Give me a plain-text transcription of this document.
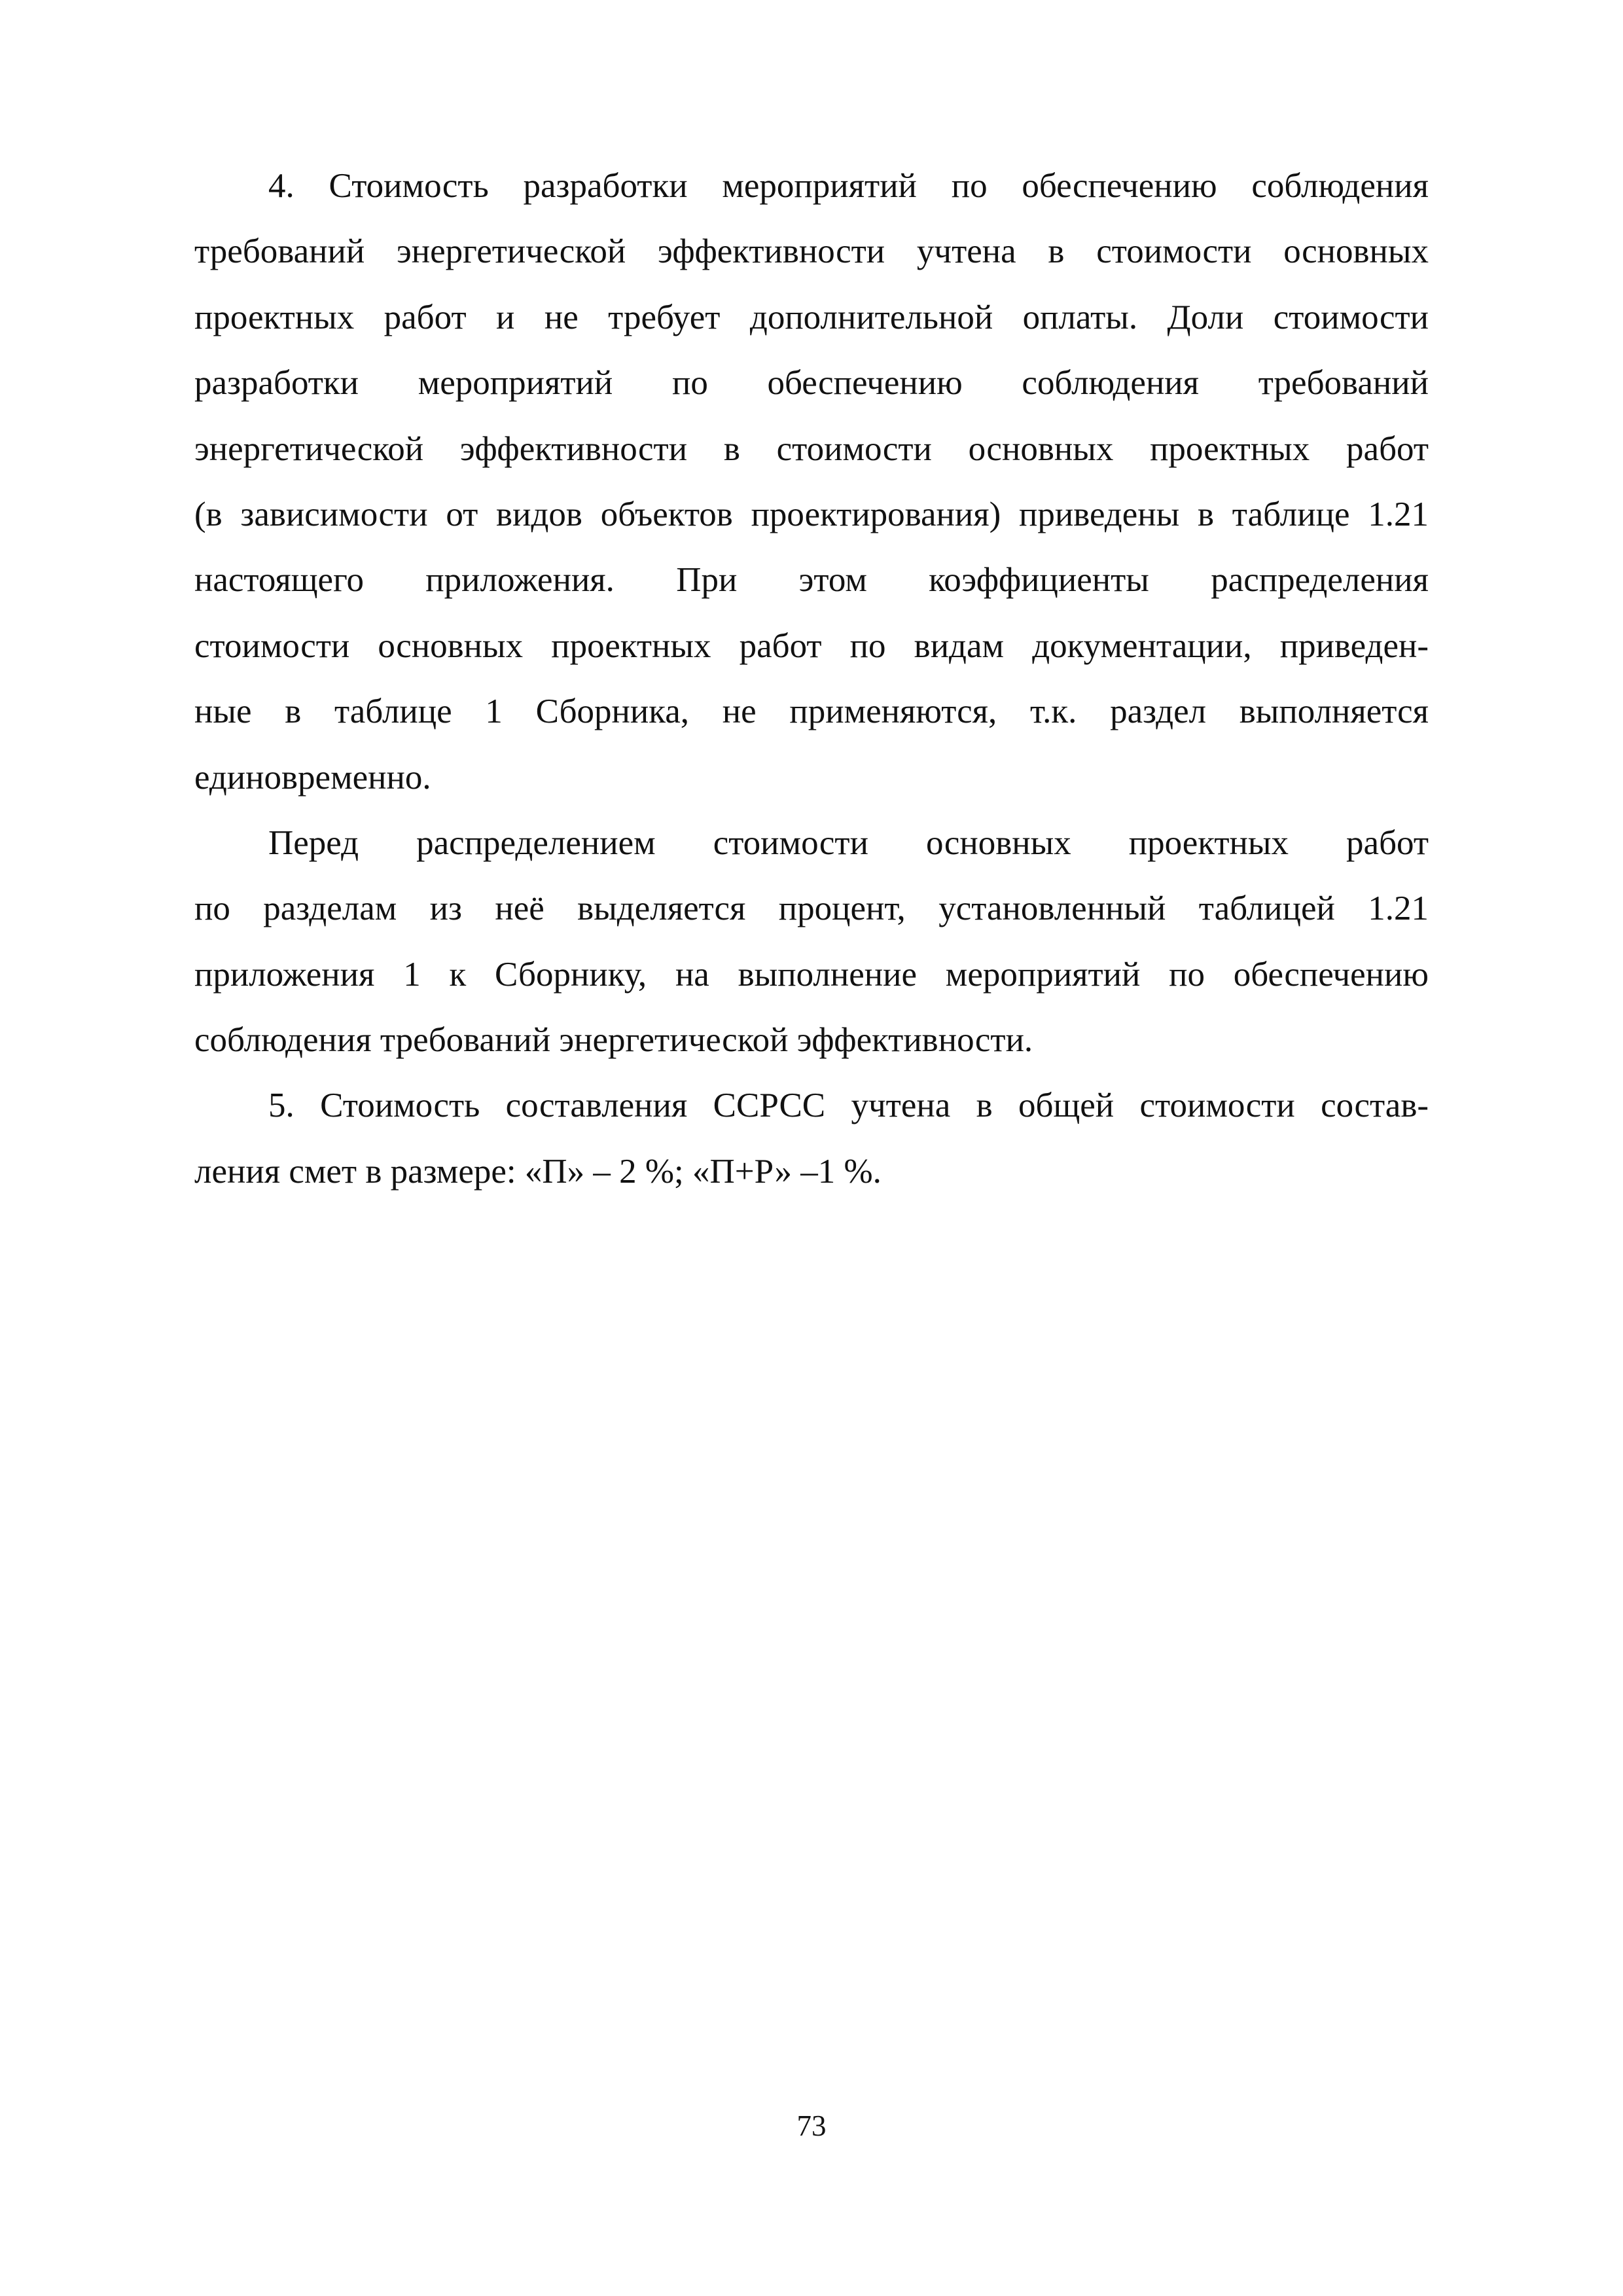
4. Стоимость разработки мероприятий по обеспечению соблюдения
требований энергетической эффективности учтена в стоимости основных
проектных работ и не требует дополнительной оплаты. Доли стоимости
разработки мероприятий по обеспечению соблюдения требований
энергетической эффективности в стоимости основных проектных работ
(в зависимости от видов объектов проектирования) приведены в таблице 1.21
настоящего приложения. При этом коэффициенты распределения
стоимости основных проектных работ по видам документации, приведен-
ные в таблице 1 Сборника, не применяются, т.к. раздел выполняется
единовременно.
Перед распределением стоимости основных проектных работ
по разделам из неё выделяется процент, установленный таблицей 1.21
приложения 1 к Сборнику, на выполнение мероприятий по обеспечению
соблюдения требований энергетической эффективности.
5. Стоимость составления ССРСС учтена в общей стоимости состав-
ления смет в размере: «П» – 2 %; «П+Р» –1 %.
73
